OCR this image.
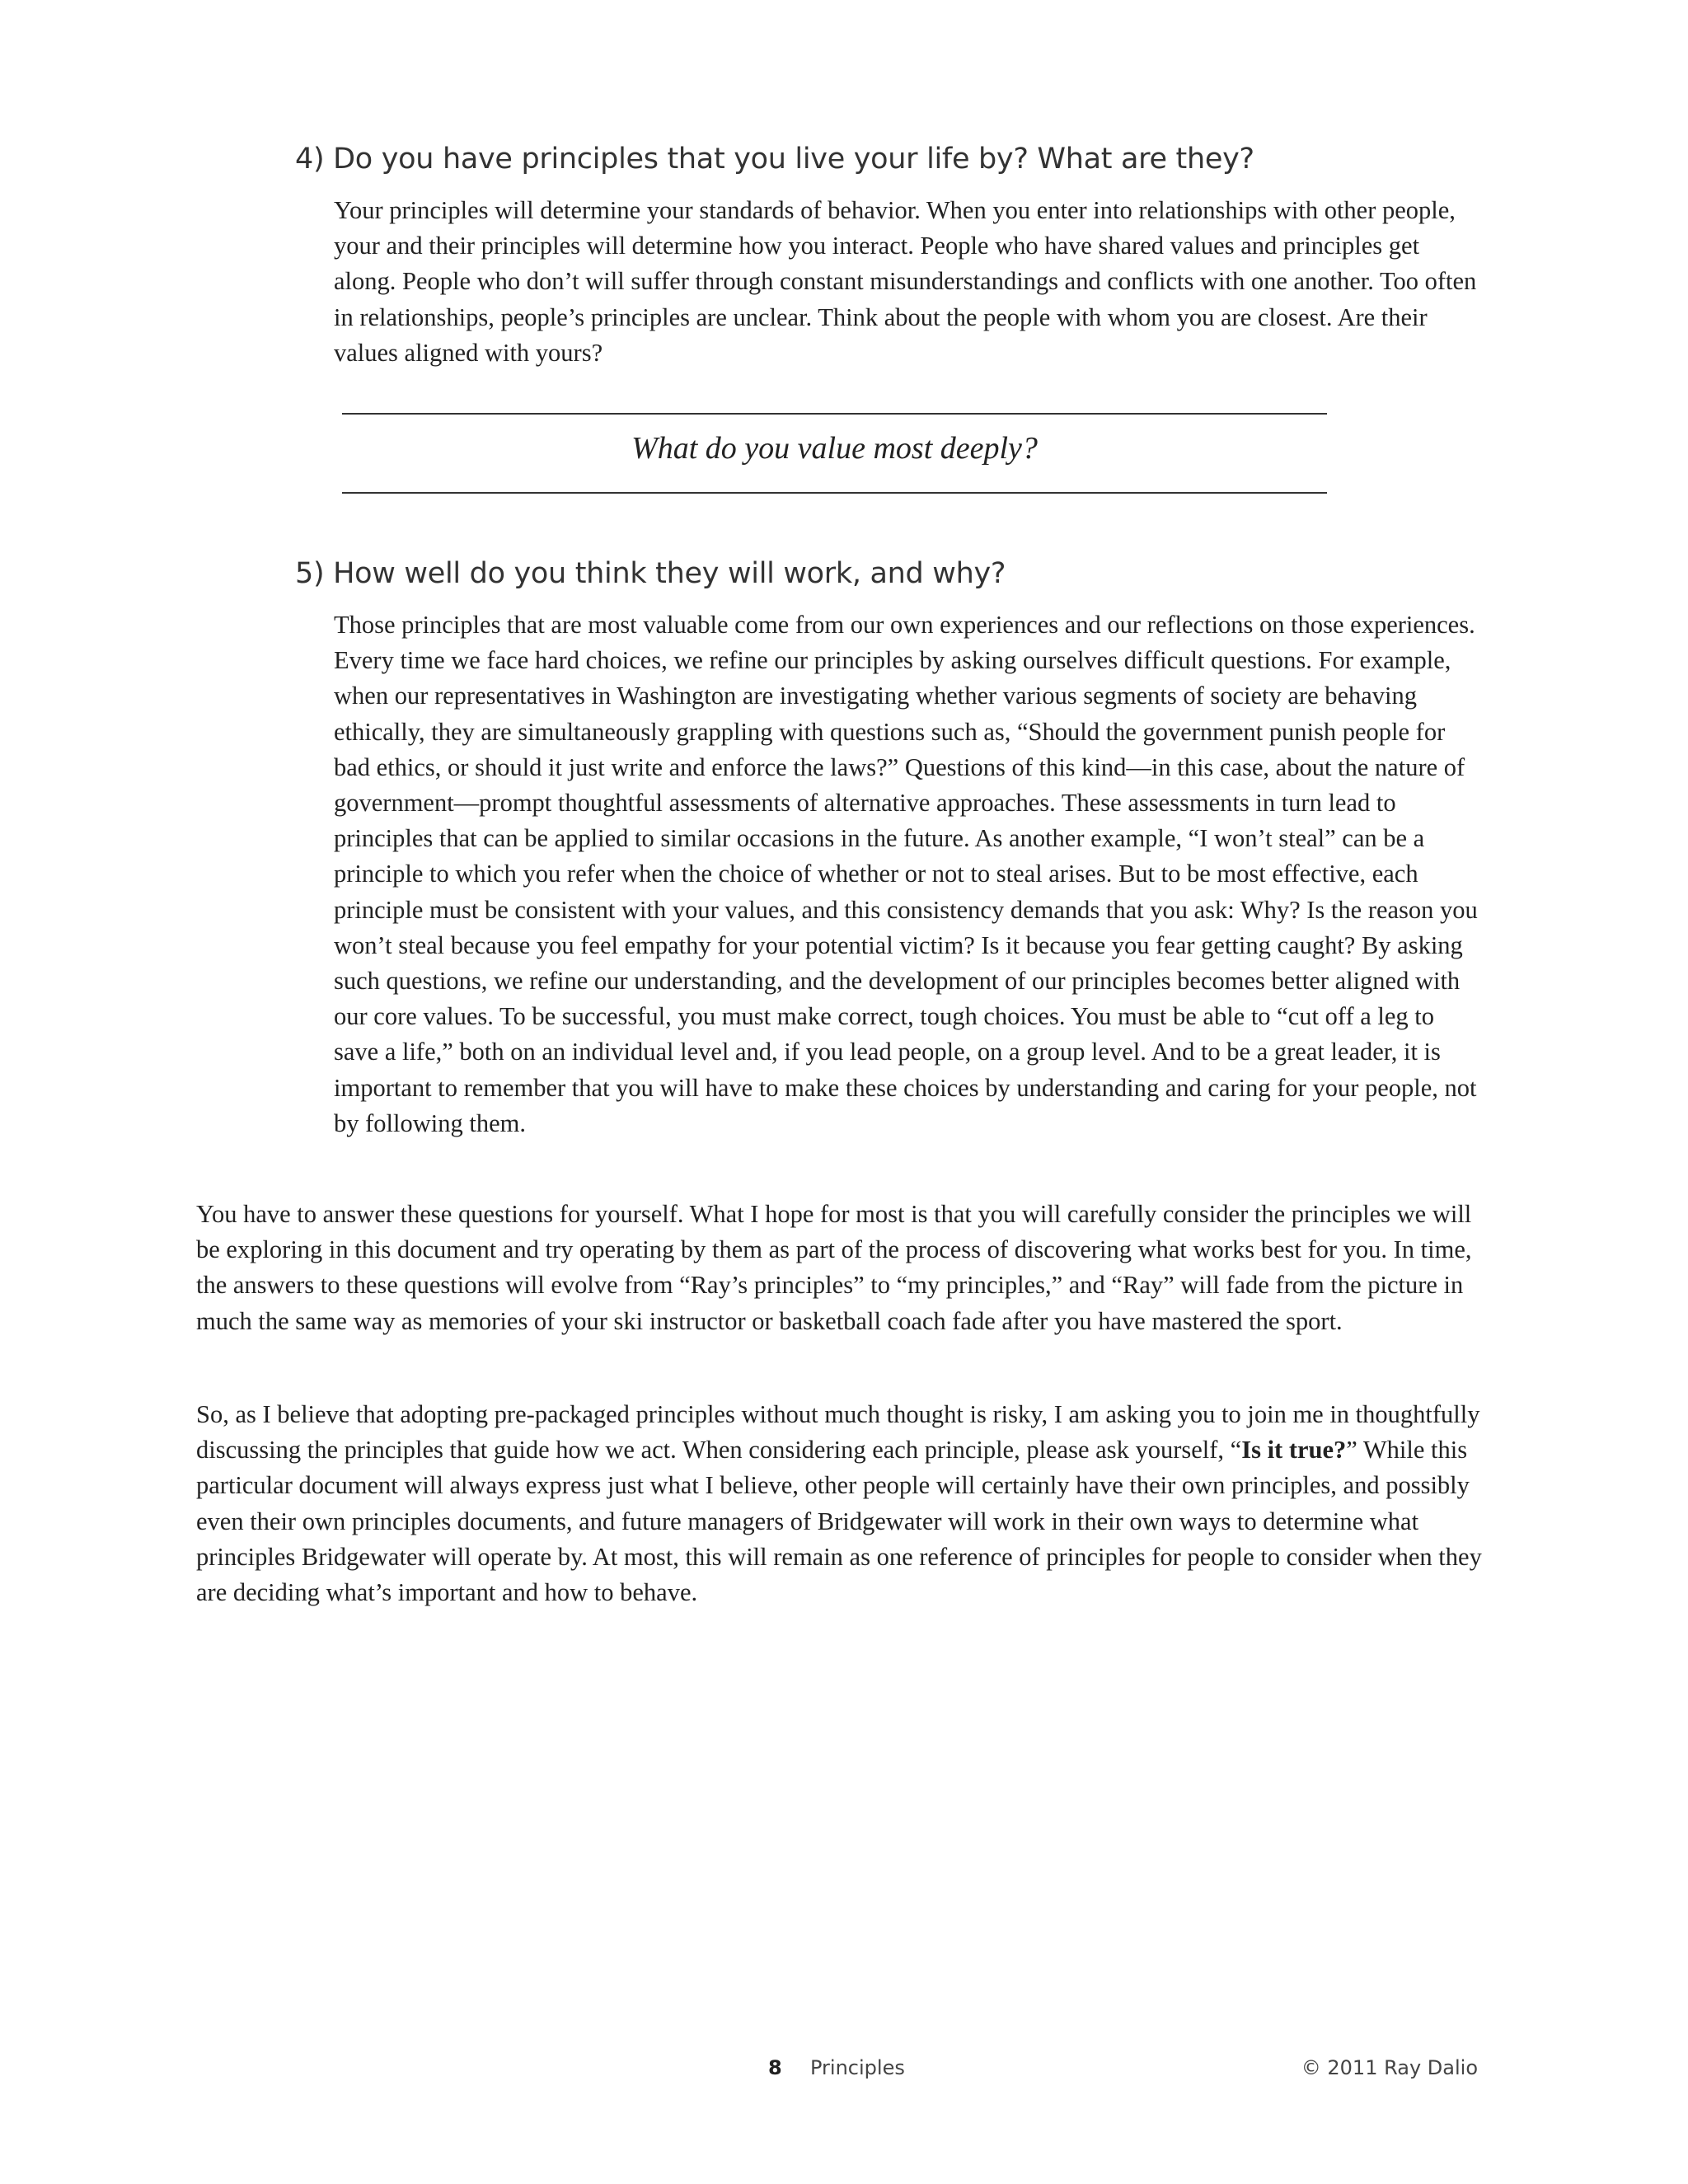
4) Do you have principles that you live your life by? What are they?

Your principles will determine your standards of behavior. When you enter into relationships with other people, your and their principles will determine how you interact. People who have shared values and principles get along. People who don’t will suffer through constant misunderstandings and conflicts with one another. Too often in relationships, people’s principles are unclear. Think about the people with whom you are closest. Are their values aligned with yours?

What do you value most deeply?

5) How well do you think they will work, and why?

Those principles that are most valuable come from our own experiences and our reflections on those experiences. Every time we face hard choices, we refine our principles by asking ourselves difficult questions. For example, when our representatives in Washington are investigating whether various segments of society are behaving ethically, they are simultaneously grappling with questions such as, “Should the government punish people for bad ethics, or should it just write and enforce the laws?” Questions of this kind—in this case, about the nature of government—prompt thoughtful assessments of alternative approaches. These assessments in turn lead to principles that can be applied to similar occasions in the future. As another example, “I won’t steal” can be a principle to which you refer when the choice of whether or not to steal arises. But to be most effective, each principle must be consistent with your values, and this consistency demands that you ask: Why? Is the reason you won’t steal because you feel empathy for your potential victim? Is it because you fear getting caught? By asking such questions, we refine our understanding, and the development of our principles becomes better aligned with our core values. To be successful, you must make correct, tough choices. You must be able to “cut off a leg to save a life,” both on an individual level and, if you lead people, on a group level. And to be a great leader, it is important to remember that you will have to make these choices by understanding and caring for your people, not by following them.

You have to answer these questions for yourself. What I hope for most is that you will carefully consider the principles we will be exploring in this document and try operating by them as part of the process of discovering what works best for you. In time, the answers to these questions will evolve from “Ray’s principles” to “my principles,” and “Ray” will fade from the picture in much the same way as memories of your ski instructor or basketball coach fade after you have mastered the sport.

So, as I believe that adopting pre-packaged principles without much thought is risky, I am asking you to join me in thoughtfully discussing the principles that guide how we act. When considering each principle, please ask yourself, “Is it true?” While this particular document will always express just what I believe, other people will certainly have their own principles, and possibly even their own principles documents, and future managers of Bridgewater will work in their own ways to determine what principles Bridgewater will operate by. At most, this will remain as one reference of principles for people to consider when they are deciding what’s important and how to behave.

8 Principles	© 2011 Ray Dalio
